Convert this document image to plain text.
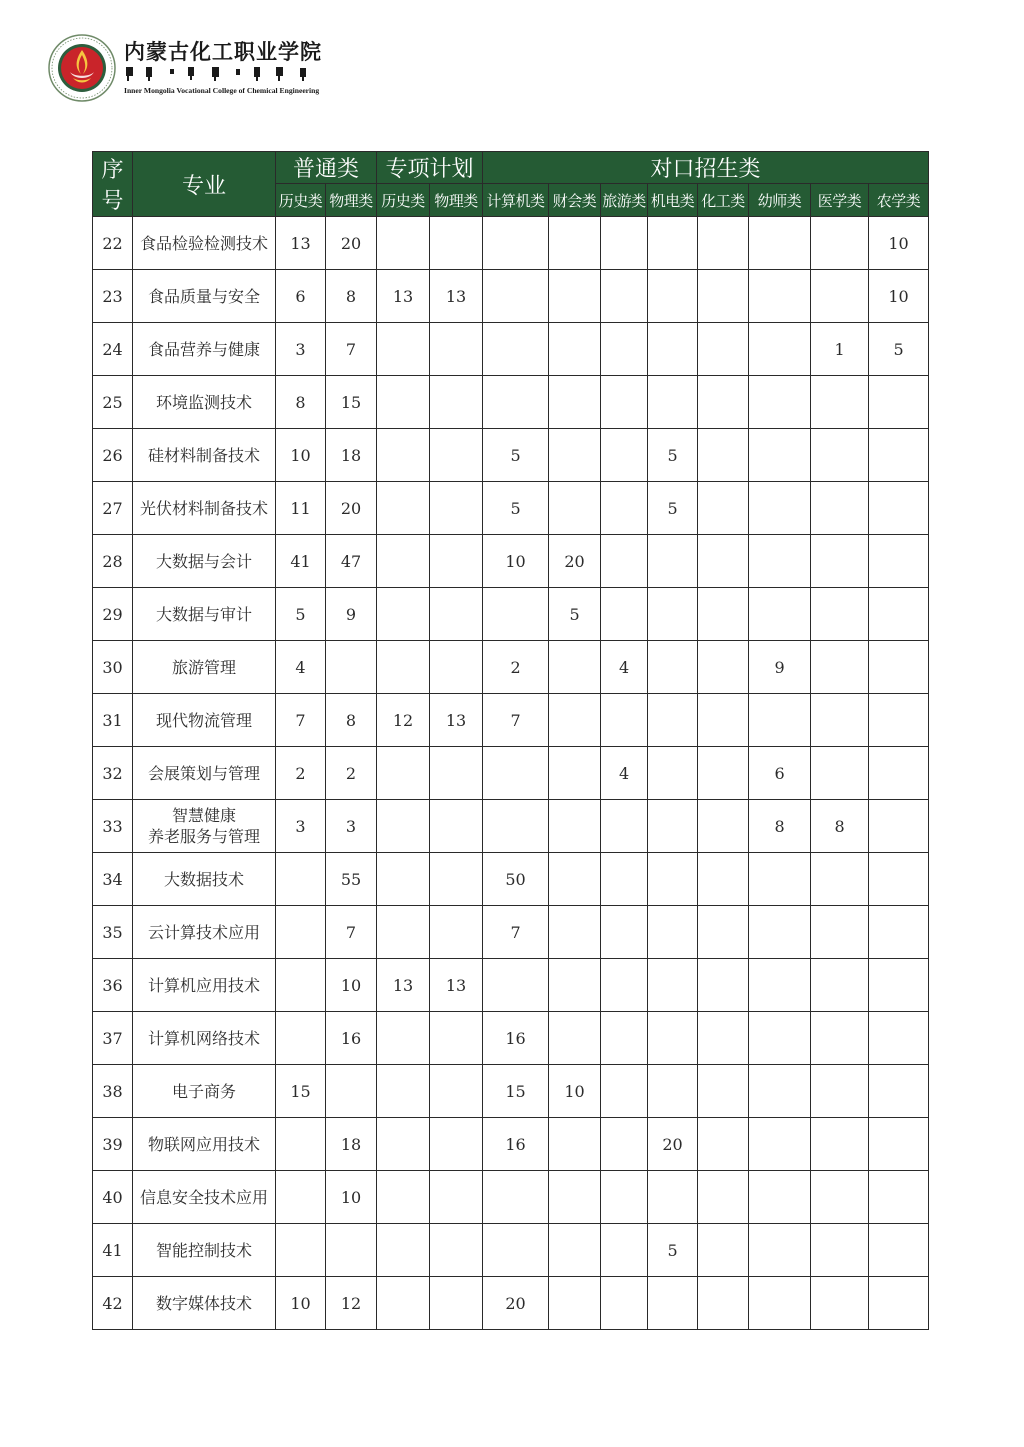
内蒙古化工职业学院
Inner Mongolia Vocational College of Chemical Engineering
序号	专业	普通类		专项计划		对口招生类							
		历史类	物理类	历史类	物理类	计算机类	财会类	旅游类	机电类	化工类	幼师类	医学类	农学类
22	食品检验检测技术	13	20										10
23	食品质量与安全	6	8	13	13								10
24	食品营养与健康	3	7									1	5
25	环境监测技术	8	15										
26	硅材料制备技术	10	18			5			5				
27	光伏材料制备技术	11	20			5			5				
28	大数据与会计	41	47			10	20						
29	大数据与审计	5	9				5						
30	旅游管理	4				2		4			9		
31	现代物流管理	7	8	12	13	7							
32	会展策划与管理	2	2					4			6		
33	智慧健康
养老服务与管理	3	3								8	8	
34	大数据技术		55			50							
35	云计算技术应用		7			7							
36	计算机应用技术		10	13	13								
37	计算机网络技术		16			16							
38	电子商务	15				15	10						
39	物联网应用技术		18			16			20				
40	信息安全技术应用		10										
41	智能控制技术								5				
42	数字媒体技术	10	12			20							
